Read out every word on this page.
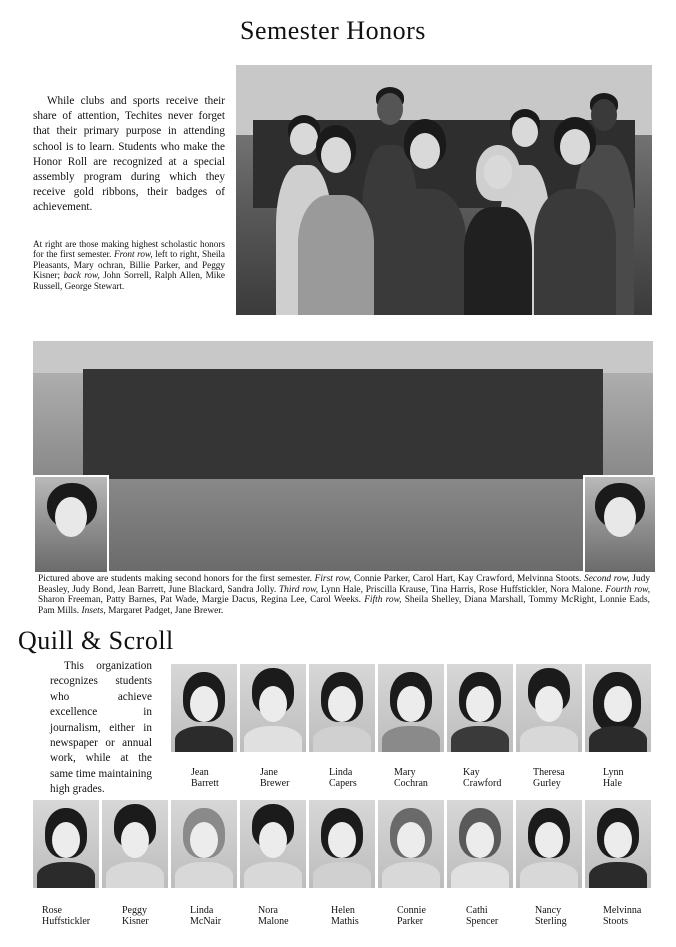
Semester Honors
While clubs and sports receive their share of attention, Techites never forget that their primary purpose in attending school is to learn. Students who make the Honor Roll are recognized at a special assembly program during which they receive gold ribbons, their badges of achievement.
At right are those making highest scholastic honors for the first semester. Front row, left to right, Sheila Pleasants, Mary ochran, Billie Parker, and Peggy Kisner; back row, John Sorrell, Ralph Allen, Mike Russell, George Stewart.
Pictured above are students making second honors for the first semester. First row, Connie Parker, Carol Hart, Kay Crawford, Melvinna Stoots. Second row, Judy Beasley, Judy Bond, Jean Barrett, June Blackard, Sandra Jolly. Third row, Lynn Hale, Priscilla Krause, Tina Harris, Rose Huffstickler, Nora Malone. Fourth row, Sharon Freeman, Patty Barnes, Pat Wade, Margie Dacus, Regina Lee, Carol Weeks. Fifth row, Sheila Shelley, Diana Marshall, Tommy McRight, Lonnie Eads, Pam Mills. Insets, Margaret Padget, Jane Brewer.
Quill & Scroll
This organization recognizes students who achieve excellence in journalism, either in newspaper or annual work, while at the same time maintaining high grades.
Jean
Barrett
Jane
Brewer
Linda
Capers
Mary
Cochran
Kay
Crawford
Theresa
Gurley
Lynn
Hale
Rose
Huffstickler
Peggy
Kisner
Linda
McNair
Nora
Malone
Helen
Mathis
Connie
Parker
Cathi
Spencer
Nancy
Sterling
Melvinna
Stoots
